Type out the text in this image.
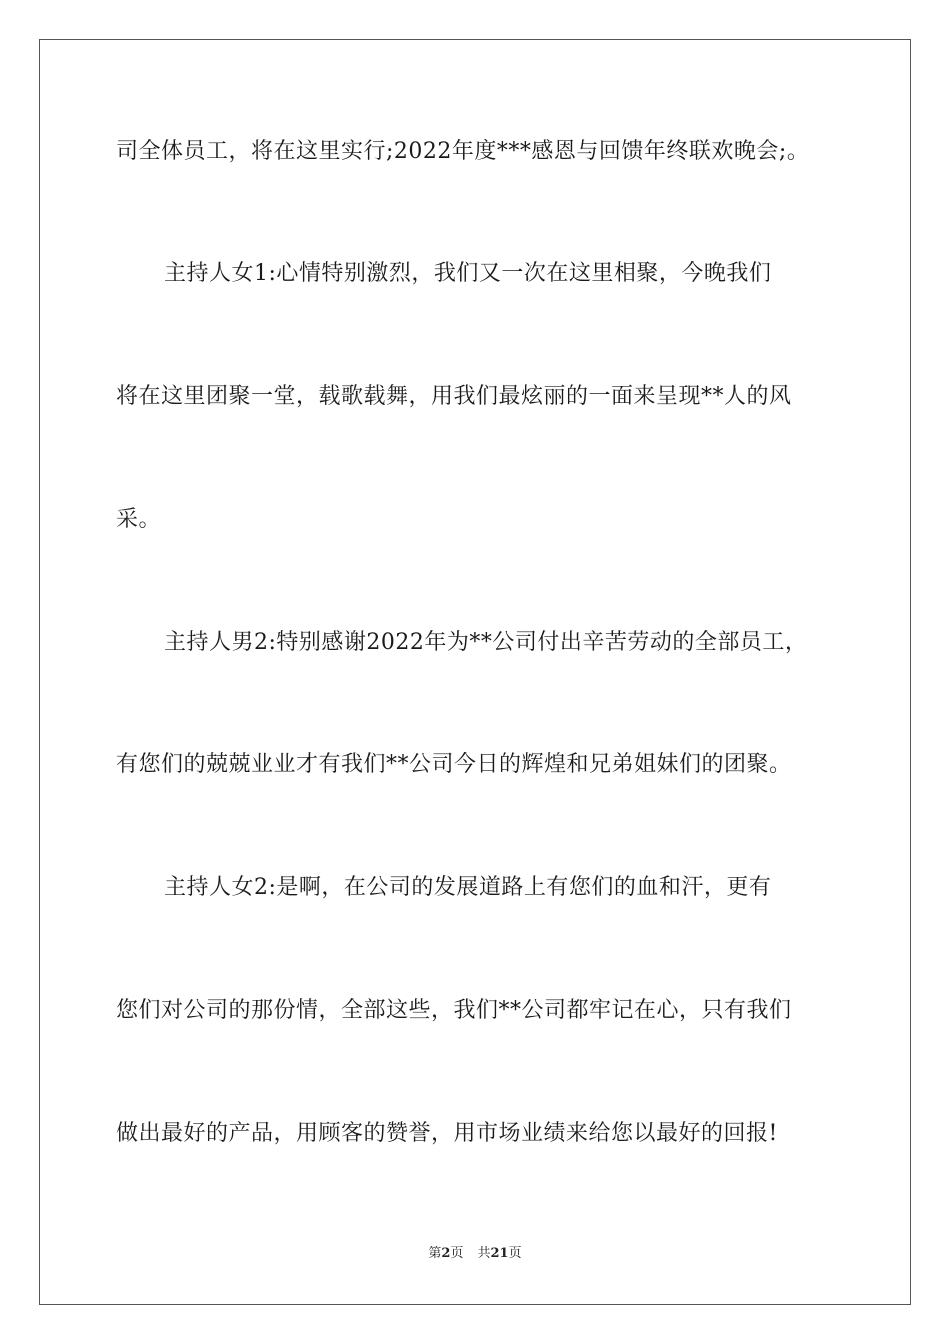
司全体员工，将在这里实行;2022年度***感恩与回馈年终联欢晚会;。
主持人女1:心情特别激烈，我们又一次在这里相聚，今晚我们
将在这里团聚一堂，载歌载舞，用我们最炫丽的一面来呈现**人的风
采。
主持人男2:特别感谢2022年为**公司付出辛苦劳动的全部员工，
有您们的兢兢业业才有我们**公司今日的辉煌和兄弟姐妹们的团聚。
主持人女2:是啊，在公司的发展道路上有您们的血和汗，更有
您们对公司的那份情，全部这些，我们**公司都牢记在心，只有我们
做出最好的产品，用顾客的赞誉，用市场业绩来给您以最好的回报!
第2页 共21页
